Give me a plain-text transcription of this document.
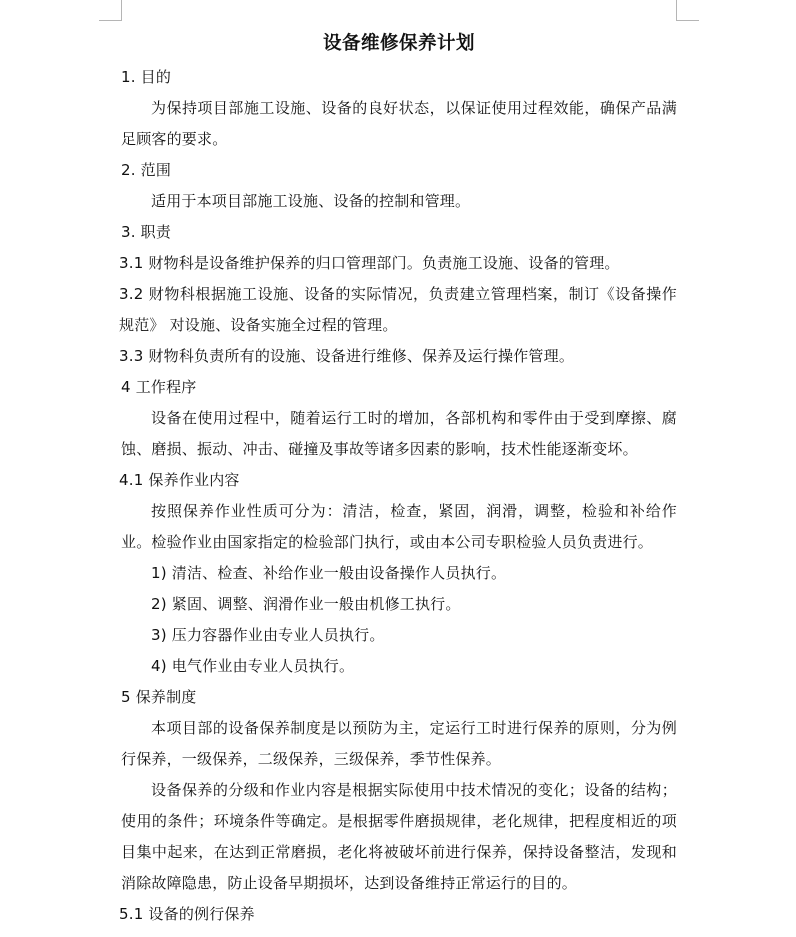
设备维修保养计划

1. 目的

为保持项目部施工设施、设备的良好状态，以保证使用过程效能，确保产品满足顾客的要求。

2. 范围

适用于本项目部施工设施、设备的控制和管理。

3. 职责

3.1 财物科是设备维护保养的归口管理部门。负责施工设施、设备的管理。

3.2 财物科根据施工设施、设备的实际情况，负责建立管理档案，制订《设备操作规范》 对设施、设备实施全过程的管理。

3.3 财物科负责所有的设施、设备进行维修、保养及运行操作管理。

4 工作程序

设备在使用过程中，随着运行工时的增加，各部机构和零件由于受到摩擦、腐蚀、磨损、振动、冲击、碰撞及事故等诸多因素的影响，技术性能逐渐变坏。

4.1 保养作业内容

按照保养作业性质可分为：清洁，检查，紧固，润滑，调整，检验和补给作业。检验作业由国家指定的检验部门执行，或由本公司专职检验人员负责进行。

1) 清洁、检查、补给作业一般由设备操作人员执行。

2) 紧固、调整、润滑作业一般由机修工执行。

3) 压力容器作业由专业人员执行。

4) 电气作业由专业人员执行。

5 保养制度

本项目部的设备保养制度是以预防为主，定运行工时进行保养的原则，分为例行保养，一级保养，二级保养，三级保养，季节性保养。

设备保养的分级和作业内容是根据实际使用中技术情况的变化；设备的结构；使用的条件；环境条件等确定。是根据零件磨损规律，老化规律，把程度相近的项目集中起来，在达到正常磨损，老化将被破坏前进行保养，保持设备整洁，发现和消除故障隐患，防止设备早期损坏，达到设备维持正常运行的目的。

5.1 设备的例行保养
